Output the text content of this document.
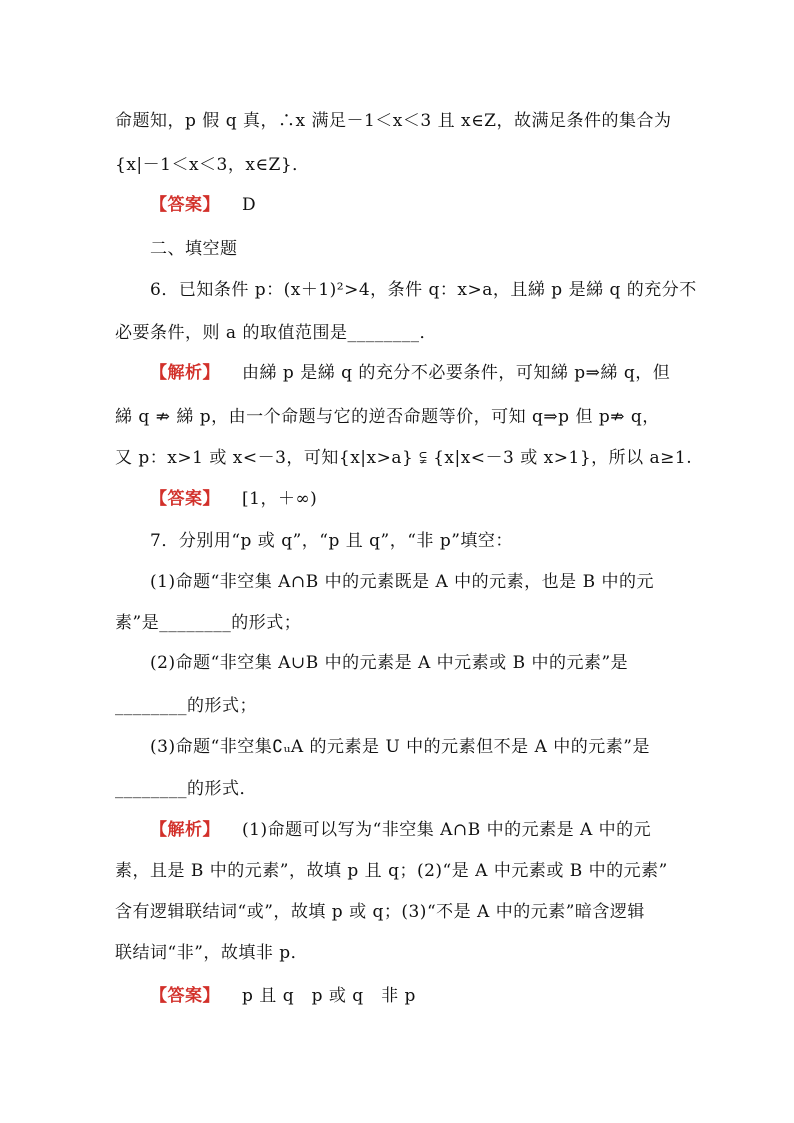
命题知，p 假 q 真，∴x 满足－1＜x＜3 且 x∈Z，故满足条件的集合为
{x|－1＜x＜3，x∈Z}．
【答案】 D
二、填空题
6．已知条件 p：(x＋1)²>4，条件 q：x>a，且綈 p 是綈 q 的充分不
必要条件，则 a 的取值范围是________．
【解析】 由綈 p 是綈 q 的充分不必要条件，可知綈 p⇒綈 q，但
綈 q ⇏ 綈 p，由一个命题与它的逆否命题等价，可知 q⇒p 但 p⇏ q，
又 p：x>1 或 x<－3，可知{x|x>a} ⫋ {x|x<－3 或 x>1}，所以 a≥1.
【答案】 [1，＋∞)
7．分别用“p 或 q”，“p 且 q”，“非 p”填空：
(1)命题“非空集 A∩B 中的元素既是 A 中的元素，也是 B 中的元
素”是________的形式；
(2)命题“非空集 A∪B 中的元素是 A 中元素或 B 中的元素”是
________的形式；
(3)命题“非空集∁ᵤA 的元素是 U 中的元素但不是 A 中的元素”是
________的形式．
【解析】 (1)命题可以写为“非空集 A∩B 中的元素是 A 中的元
素，且是 B 中的元素”，故填 p 且 q；(2)“是 A 中元素或 B 中的元素”
含有逻辑联结词“或”，故填 p 或 q；(3)“不是 A 中的元素”暗含逻辑
联结词“非”，故填非 p．
【答案】 p 且 q　p 或 q　非 p
